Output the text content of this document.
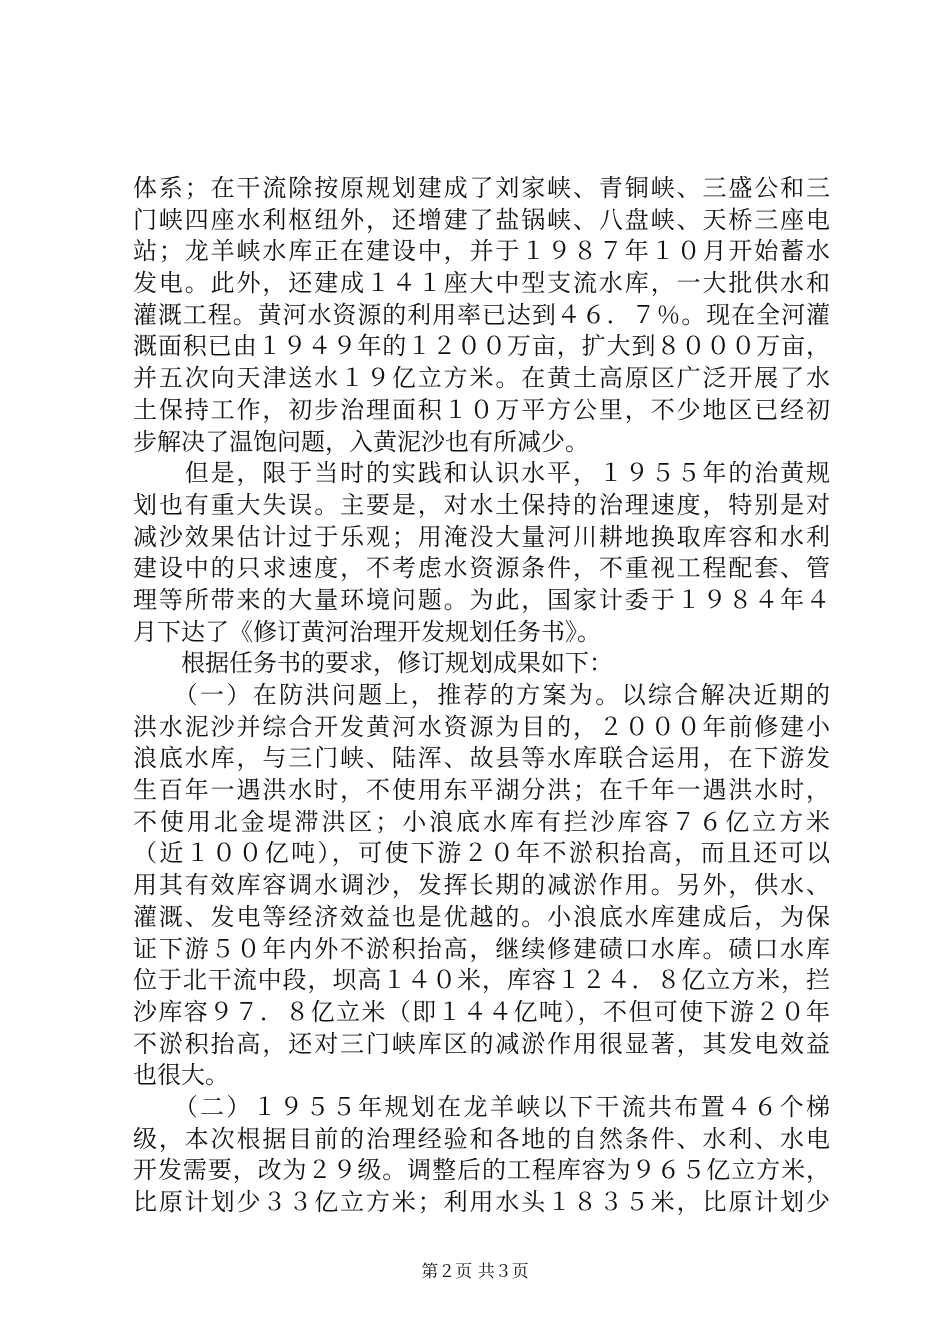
体系；在干流除按原规划建成了刘家峡、青铜峡、三盛公和三
门峡四座水利枢纽外，还增建了盐锅峡、八盘峡、天桥三座电
站；龙羊峡水库正在建设中，并于１９８７年１０月开始蓄水
发电。此外，还建成１４１座大中型支流水库，一大批供水和
灌溉工程。黄河水资源的利用率已达到４６．７％。现在全河灌
溉面积已由１９４９年的１２００万亩，扩大到８０００万亩，
并五次向天津送水１９亿立方米。在黄土高原区广泛开展了水
土保持工作，初步治理面积１０万平方公里，不少地区已经初
步解决了温饱问题，入黄泥沙也有所减少。
　　但是，限于当时的实践和认识水平，１９５５年的治黄规
划也有重大失误。主要是，对水土保持的治理速度，特别是对
减沙效果估计过于乐观；用淹没大量河川耕地换取库容和水利
建设中的只求速度，不考虑水资源条件，不重视工程配套、管
理等所带来的大量环境问题。为此，国家计委于１９８４年４
月下达了《修订黄河治理开发规划任务书》。
　　根据任务书的要求，修订规划成果如下：
　　（一）在防洪问题上，推荐的方案为。以综合解决近期的
洪水泥沙并综合开发黄河水资源为目的，２０００年前修建小
浪底水库，与三门峡、陆浑、故县等水库联合运用，在下游发
生百年一遇洪水时，不使用东平湖分洪；在千年一遇洪水时，
不使用北金堤滞洪区；小浪底水库有拦沙库容７６亿立方米
（近１００亿吨），可使下游２０年不淤积抬高，而且还可以
用其有效库容调水调沙，发挥长期的减淤作用。另外，供水、
灌溉、发电等经济效益也是优越的。小浪底水库建成后，为保
证下游５０年内外不淤积抬高，继续修建碛口水库。碛口水库
位于北干流中段，坝高１４０米，库容１２４．８亿立方米，拦
沙库容９７．８亿立米（即１４４亿吨），不但可使下游２０年
不淤积抬高，还对三门峡库区的减淤作用很显著，其发电效益
也很大。
　　（二）１９５５年规划在龙羊峡以下干流共布置４６个梯
级，本次根据目前的治理经验和各地的自然条件、水利、水电
开发需要，改为２９级。调整后的工程库容为９６５亿立方米，
比原计划少３３亿立方米；利用水头１８３５米，比原计划少
第２页 共３页
